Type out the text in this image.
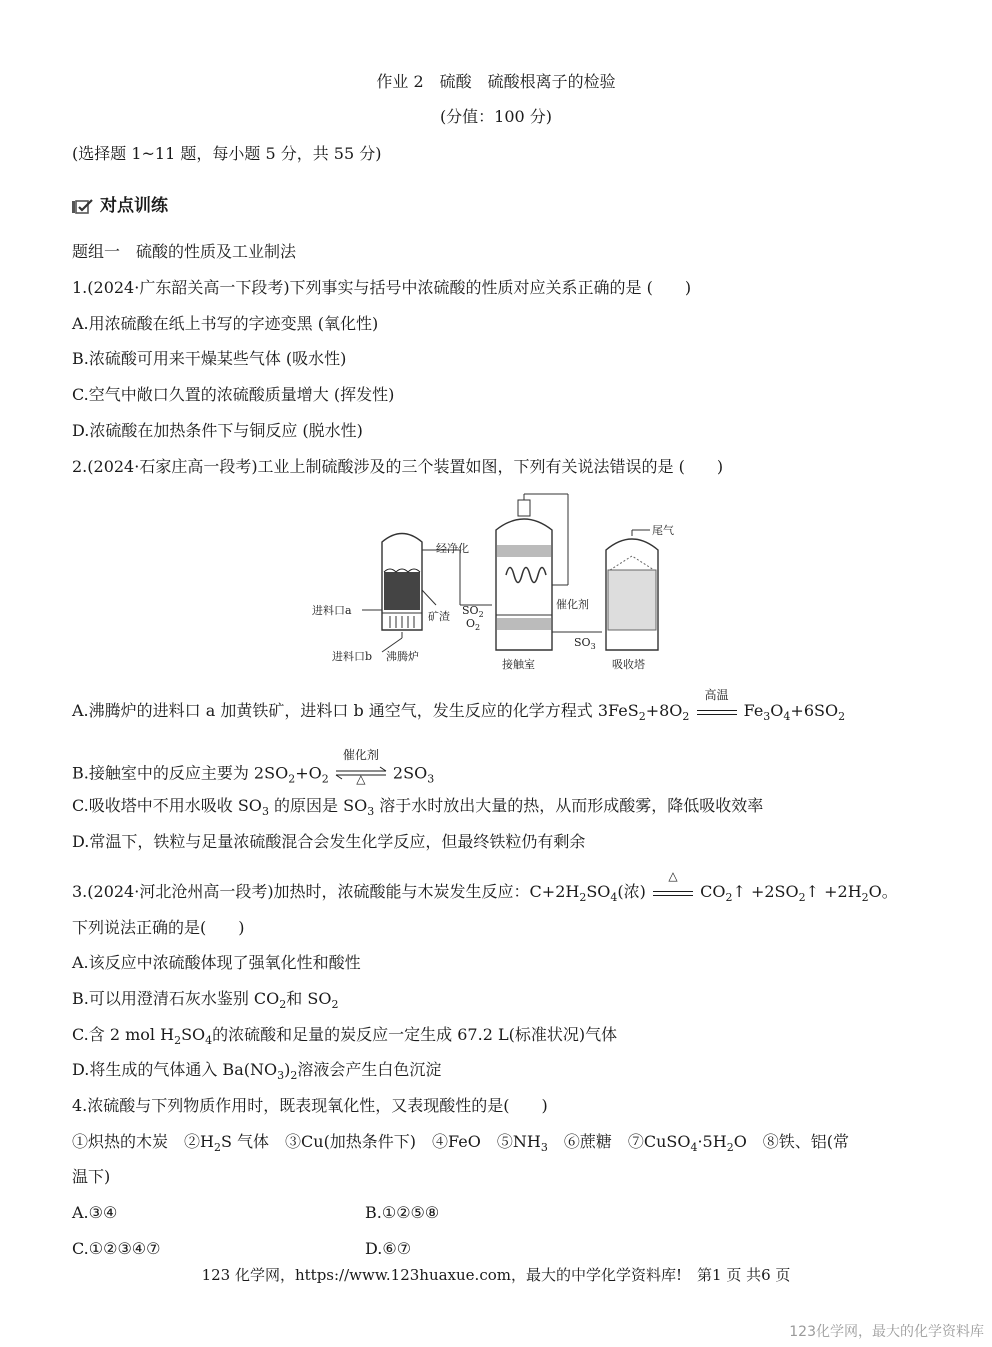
作业 2　硫酸　硫酸根离子的检验
(分值：100 分)
(选择题 1~11 题，每小题 5 分，共 55 分)
对点训练
题组一　硫酸的性质及工业制法
1.(2024·广东韶关高一下段考)下列事实与括号中浓硫酸的性质对应关系正确的是 (　　)
A.用浓硫酸在纸上书写的字迹变黑 (氧化性)
B.浓硫酸可用来干燥某些气体 (吸水性)
C.空气中敞口久置的浓硫酸质量增大 (挥发性)
D.浓硫酸在加热条件下与铜反应 (脱水性)
2.(2024·石家庄高一段考)工业上制硫酸涉及的三个装置如图，下列有关说法错误的是 (　　)
进料口a
进料口b 沸腾炉
矿渣
经净化
$SO_2$
$O_2$
催化剂
接触室
$SO_3$
尾气
吸收塔
A.沸腾炉的进料口 a 加黄铁矿，进料口 b 通空气，发生反应的化学方程式 $3FeS_2+8O_2$
高温
$Fe_3O_4+6SO_2$
B.接触室中的反应主要为 $2SO_2+O_2$
催化剂
△	$2SO_3$
C.吸收塔中不用水吸收 $SO_3$ 的原因是 $SO_3$ 溶于水时放出大量的热，从而形成酸雾，降低吸收效率
D.常温下，铁粒与足量浓硫酸混合会发生化学反应，但最终铁粒仍有剩余
3.(2024·河北沧州高一段考)加热时，浓硫酸能与木炭发生反应：$C+2H_2SO_4$(浓)
△
$CO_2↑$ $+2SO_2↑ +2H_2O$。
下列说法正确的是(　　)
A.该反应中浓硫酸体现了强氧化性和酸性
B.可以用澄清石灰水鉴别 $CO_2$和 $SO_2$
C.含 2 mol $H_2SO_4$的浓硫酸和足量的炭反应一定生成 67.2 L(标准状况)气体
D.将生成的气体通入 $Ba(NO_3)_2$溶液会产生白色沉淀
4.浓硫酸与下列物质作用时，既表现氧化性，又表现酸性的是(　　)
①炽热的木炭　$②H_2S$ 气体　③Cu(加热条件下)　④FeO　$⑤NH_3$　⑥蔗糖　$⑦CuSO_4\cdot 5H_2O$　⑧铁、铝(常
温下)
A.③④	B.①②⑤⑧
C.①②③④⑦	D.⑥⑦
123 化学网，https://www.123huaxue.com，最大的中学化学资料库!　第1 页 共6 页
123化学网，最大的化学资料库
